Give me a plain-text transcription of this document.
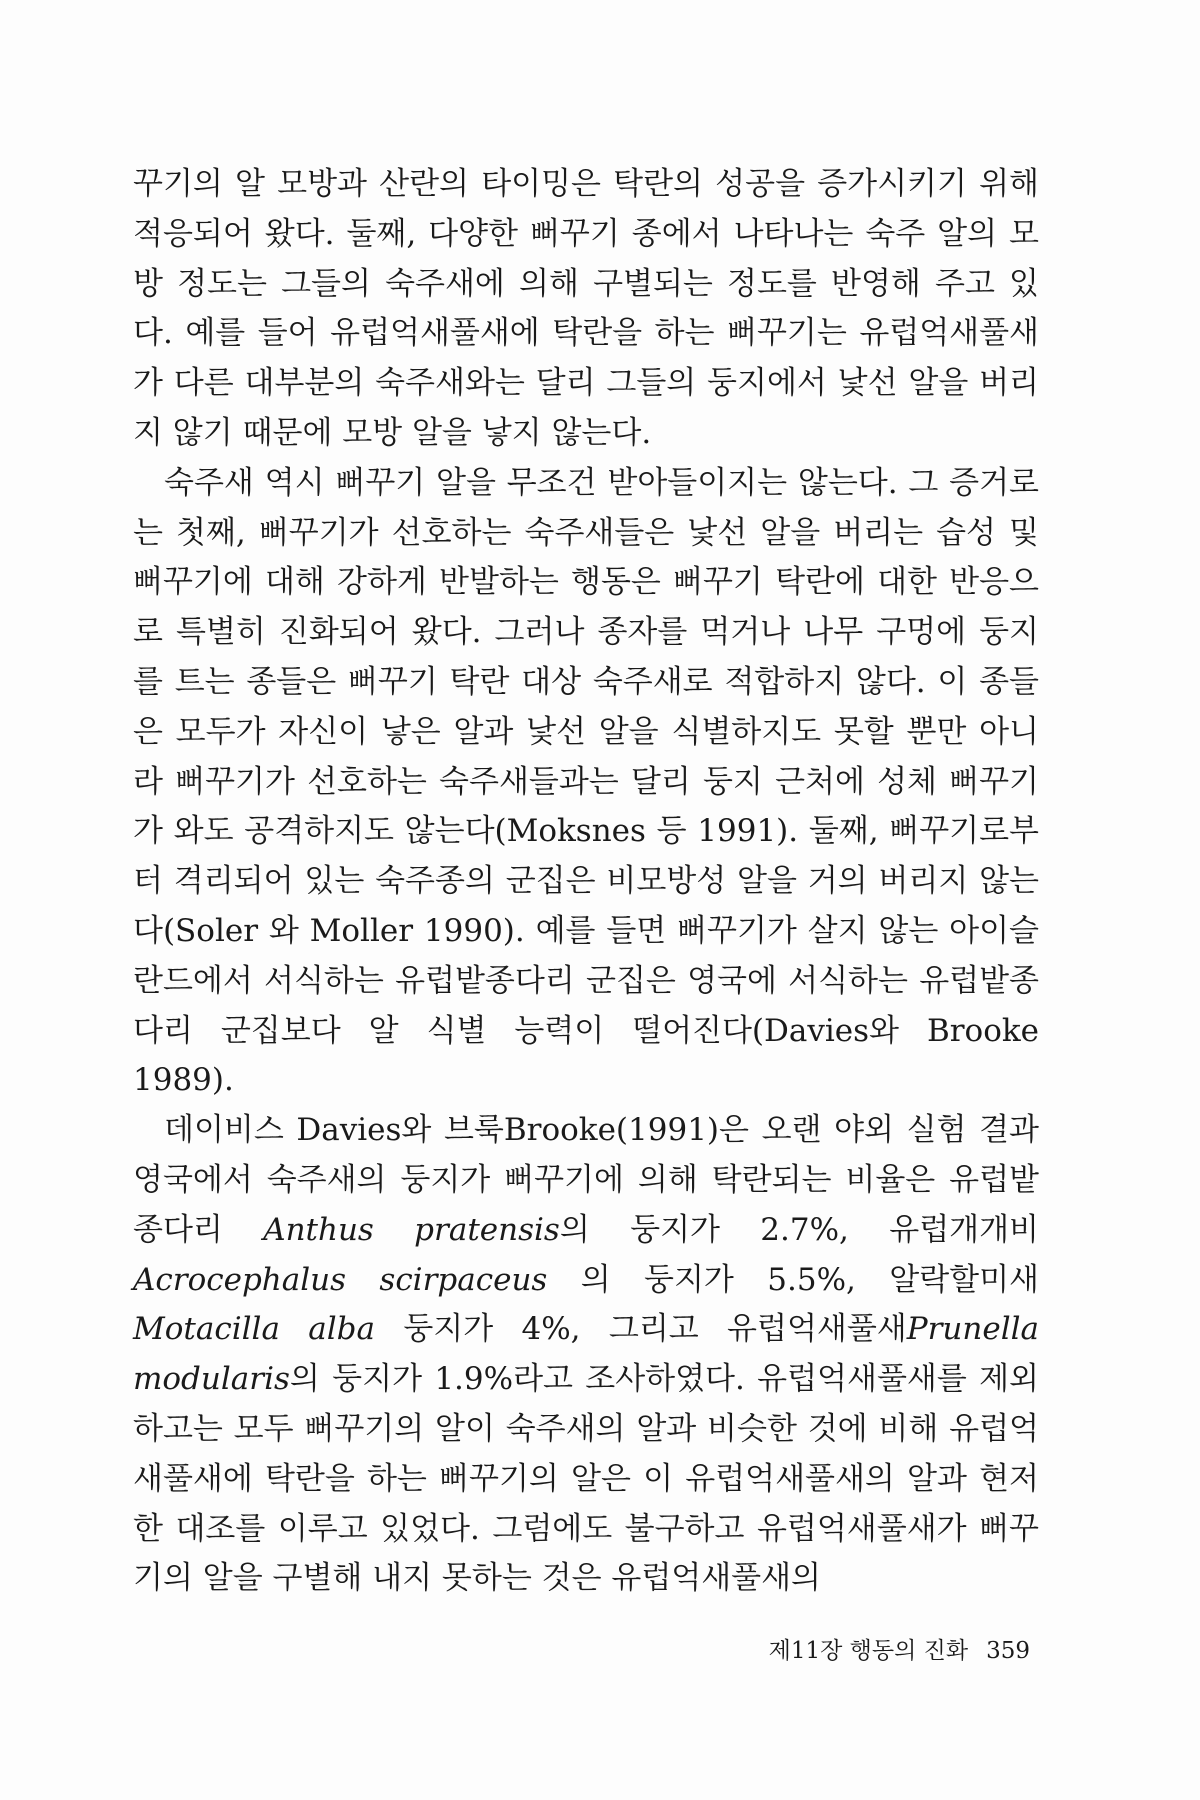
꾸기의 알 모방과 산란의 타이밍은 탁란의 성공을 증가시키기 위해 적응되어 왔다. 둘째, 다양한 뻐꾸기 종에서 나타나는 숙주 알의 모방 정도는 그들의 숙주새에 의해 구별되는 정도를 반영해 주고 있다. 예를 들어 유럽억새풀새에 탁란을 하는 뻐꾸기는 유럽억새풀새가 다른 대부분의 숙주새와는 달리 그들의 둥지에서 낯선 알을 버리지 않기 때문에 모방 알을 낳지 않는다.

숙주새 역시 뻐꾸기 알을 무조건 받아들이지는 않는다. 그 증거로는 첫째, 뻐꾸기가 선호하는 숙주새들은 낯선 알을 버리는 습성 및 뻐꾸기에 대해 강하게 반발하는 행동은 뻐꾸기 탁란에 대한 반응으로 특별히 진화되어 왔다. 그러나 종자를 먹거나 나무 구멍에 둥지를 트는 종들은 뻐꾸기 탁란 대상 숙주새로 적합하지 않다. 이 종들은 모두가 자신이 낳은 알과 낯선 알을 식별하지도 못할 뿐만 아니라 뻐꾸기가 선호하는 숙주새들과는 달리 둥지 근처에 성체 뻐꾸기가 와도 공격하지도 않는다(Moksnes 등 1991). 둘째, 뻐꾸기로부터 격리되어 있는 숙주종의 군집은 비모방성 알을 거의 버리지 않는다(Soler 와 Moller 1990). 예를 들면 뻐꾸기가 살지 않는 아이슬란드에서 서식하는 유럽밭종다리 군집은 영국에 서식하는 유럽밭종다리 군집보다 알 식별 능력이 떨어진다(Davies와 Brooke 1989).

데이비스 Davies와 브룩Brooke(1991)은 오랜 야외 실험 결과 영국에서 숙주새의 둥지가 뻐꾸기에 의해 탁란되는 비율은 유럽밭종다리 Anthus pratensis의 둥지가 2.7%, 유럽개개비Acrocephalus scirpaceus 의 둥지가 5.5%, 알락할미새Motacilla alba 둥지가 4%, 그리고 유럽억새풀새Prunella modularis의 둥지가 1.9%라고 조사하였다. 유럽억새풀새를 제외하고는 모두 뻐꾸기의 알이 숙주새의 알과 비슷한 것에 비해 유럽억새풀새에 탁란을 하는 뻐꾸기의 알은 이 유럽억새풀새의 알과 현저한 대조를 이루고 있었다. 그럼에도 불구하고 유럽억새풀새가 뻐꾸기의 알을 구별해 내지 못하는 것은 유럽억새풀새의

제11장 행동의 진화 359
